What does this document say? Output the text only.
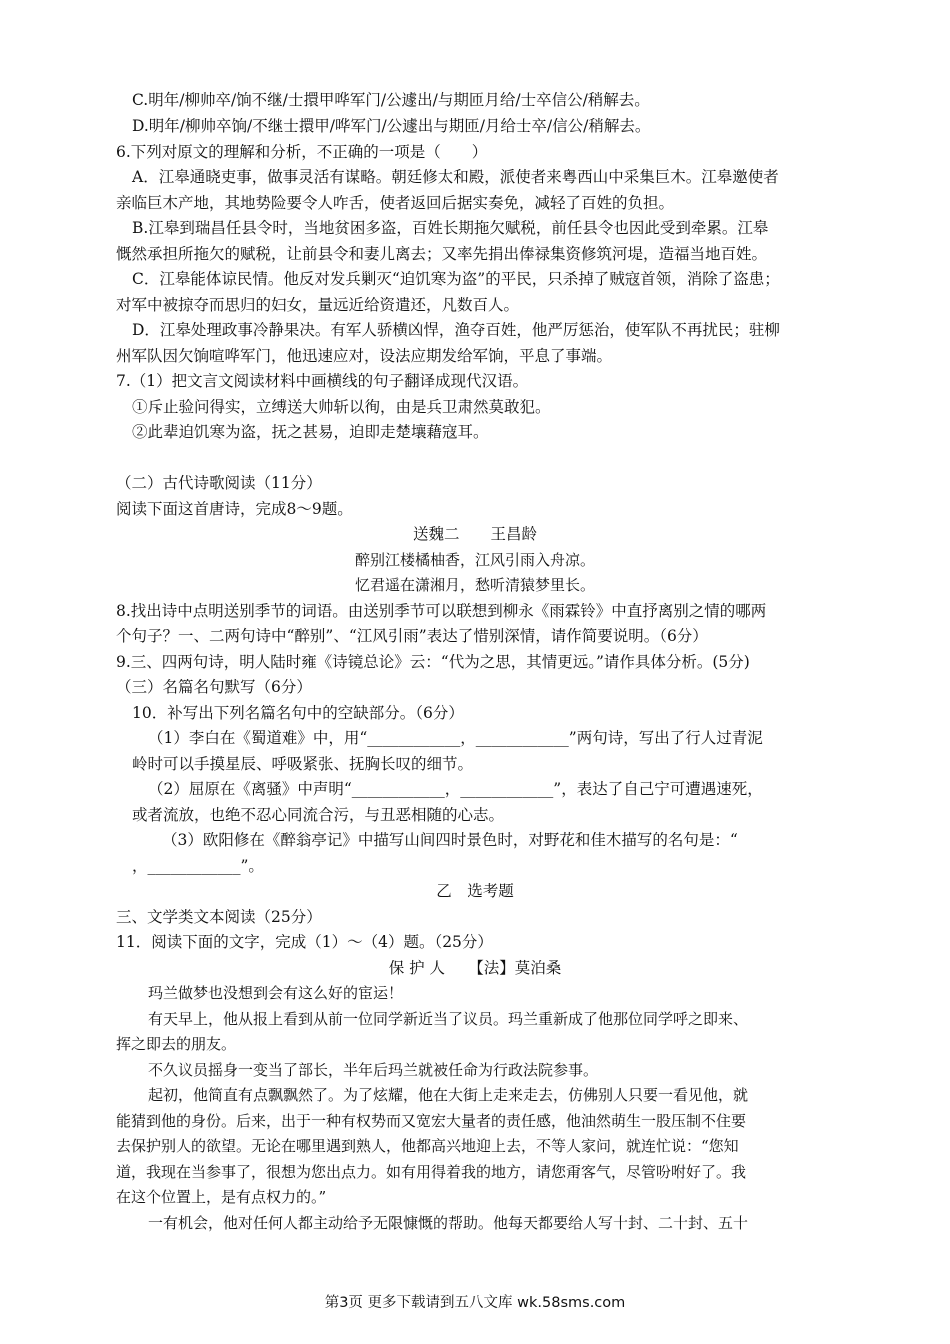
C.明年/柳帅卒/饷不继/士擐甲哗军门/公遽出/与期匝月给/士卒信公/稍解去。
D.明年/柳帅卒饷/不继士擐甲/哗军门/公遽出与期匝/月给士卒/信公/稍解去。
6.下列对原文的理解和分析，不正确的一项是（　　）
A．江皋通晓吏事，做事灵活有谋略。朝廷修太和殿，派使者来粤西山中采集巨木。江皋邀使者
亲临巨木产地，其地势险要令人咋舌，使者返回后据实奏免，减轻了百姓的负担。
B.江皋到瑞昌任县令时，当地贫困多盗，百姓长期拖欠赋税，前任县令也因此受到牵累。江皋
慨然承担所拖欠的赋税，让前县令和妻儿离去；又率先捐出俸禄集资修筑河堤，造福当地百姓。
C．江皋能体谅民情。他反对发兵剿灭“迫饥寒为盗”的平民，只杀掉了贼寇首领，消除了盗患；
对军中被掠夺而思归的妇女，量远近给资遣还，凡数百人。
D．江皋处理政事冷静果决。有军人骄横凶悍，渔夺百姓，他严厉惩治，使军队不再扰民；驻柳
州军队因欠饷喧哗军门，他迅速应对，设法应期发给军饷，平息了事端。
7.（1）把文言文阅读材料中画横线的句子翻译成现代汉语。
①斥止验问得实，立缚送大帅斩以徇，由是兵卫肃然莫敢犯。
②此辈迫饥寒为盗，抚之甚易，迫即走楚壤藉寇耳。
（二）古代诗歌阅读（11分）
阅读下面这首唐诗，完成8～9题。
送魏二　　王昌龄
醉别江楼橘柚香，江风引雨入舟凉。
忆君遥在潇湘月，愁听清猿梦里长。
8.找出诗中点明送别季节的词语。由送别季节可以联想到柳永《雨霖铃》中直抒离别之情的哪两
个句子？一、二两句诗中“醉别”、“江风引雨”表达了惜别深情，请作简要说明。（6分）
9.三、四两句诗，明人陆时雍《诗镜总论》云：“代为之思，其情更远。”请作具体分析。(5分)
（三）名篇名句默写（6分）
10．补写出下列名篇名句中的空缺部分。（6分）
（1）李白在《蜀道难》中，用“____________，____________”两句诗，写出了行人过青泥
岭时可以手摸星辰、呼吸紧张、抚胸长叹的细节。
（2）屈原在《离骚》中声明“____________，____________”，表达了自己宁可遭遇速死，
或者流放，也绝不忍心同流合污，与丑恶相随的心志。
（3）欧阳修在《醉翁亭记》中描写山间四时景色时，对野花和佳木描写的名句是：“
，____________”。
乙　选考题
三、文学类文本阅读（25分）
11．阅读下面的文字，完成（1）～（4）题。（25分）
保 护 人　　【法】莫泊桑
玛兰做梦也没想到会有这么好的宦运！
有天早上，他从报上看到从前一位同学新近当了议员。玛兰重新成了他那位同学呼之即来、
挥之即去的朋友。
不久议员摇身一变当了部长，半年后玛兰就被任命为行政法院参事。
起初，他简直有点飘飘然了。为了炫耀，他在大街上走来走去，仿佛别人只要一看见他，就
能猜到他的身份。后来，出于一种有权势而又宽宏大量者的责任感，他油然萌生一股压制不住要
去保护别人的欲望。无论在哪里遇到熟人，他都高兴地迎上去，不等人家问，就连忙说：“您知
道，我现在当参事了，很想为您出点力。如有用得着我的地方，请您甭客气，尽管吩咐好了。我
在这个位置上，是有点权力的。”
一有机会，他对任何人都主动给予无限慷慨的帮助。他每天都要给人写十封、二十封、五十
第3页 更多下载请到五八文库 wk.58sms.com
